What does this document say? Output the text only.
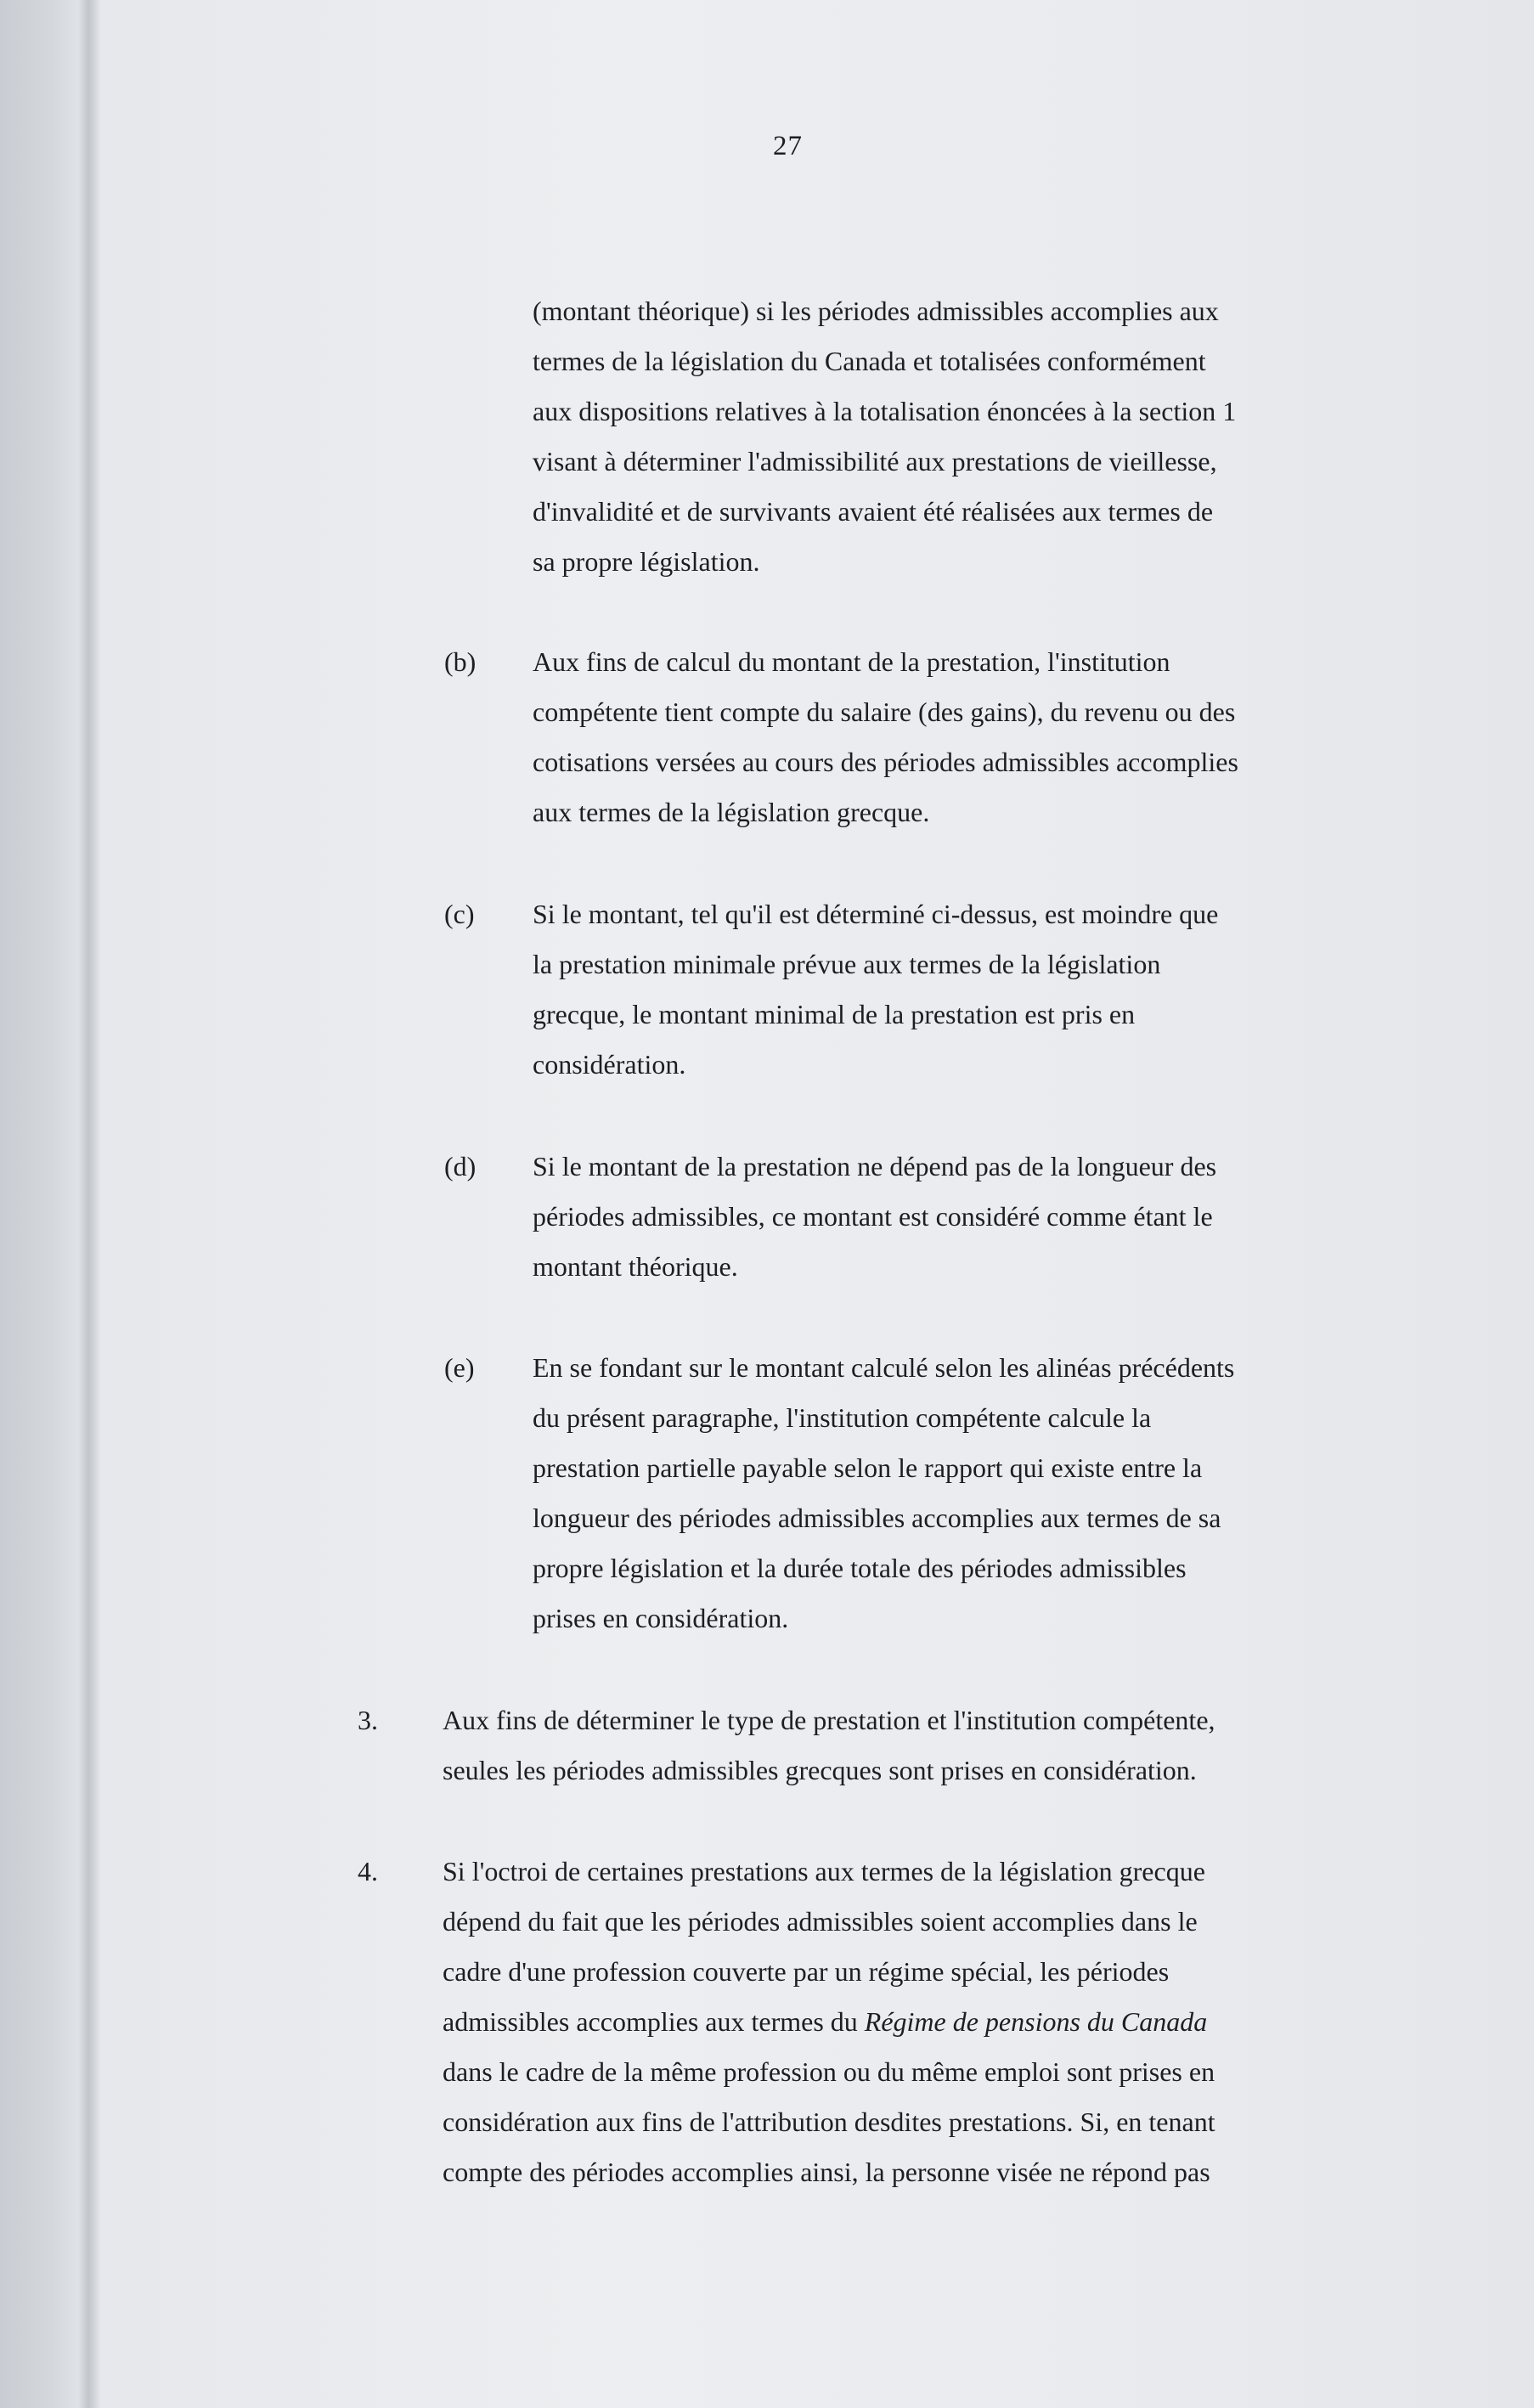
27

(montant théorique) si les périodes admissibles accomplies aux

termes de la législation du Canada et totalisées conformément

aux dispositions relatives à la totalisation énoncées à la section 1

visant à déterminer l'admissibilité aux prestations de vieillesse,

d'invalidité et de survivants avaient été réalisées aux termes de

sa propre législation.

(b) Aux fins de calcul du montant de la prestation, l'institution

compétente tient compte du salaire (des gains), du revenu ou des

cotisations versées au cours des périodes admissibles accomplies

aux termes de la législation grecque.

(c) Si le montant, tel qu'il est déterminé ci-dessus, est moindre que

la prestation minimale prévue aux termes de la législation

grecque, le montant minimal de la prestation est pris en

considération.

(d) Si le montant de la prestation ne dépend pas de la longueur des

périodes admissibles, ce montant est considéré comme étant le

montant théorique.

(e) En se fondant sur le montant calculé selon les alinéas précédents

du présent paragraphe, l'institution compétente calcule la

prestation partielle payable selon le rapport qui existe entre la

longueur des périodes admissibles accomplies aux termes de sa

propre législation et la durée totale des périodes admissibles

prises en considération.

3. Aux fins de déterminer le type de prestation et l'institution compétente,

seules les périodes admissibles grecques sont prises en considération.

4. Si l'octroi de certaines prestations aux termes de la législation grecque

dépend du fait que les périodes admissibles soient accomplies dans le

cadre d'une profession couverte par un régime spécial, les périodes

admissibles accomplies aux termes du Régime de pensions du Canada

dans le cadre de la même profession ou du même emploi sont prises en

considération aux fins de l'attribution desdites prestations. Si, en tenant

compte des périodes accomplies ainsi, la personne visée ne répond pas
